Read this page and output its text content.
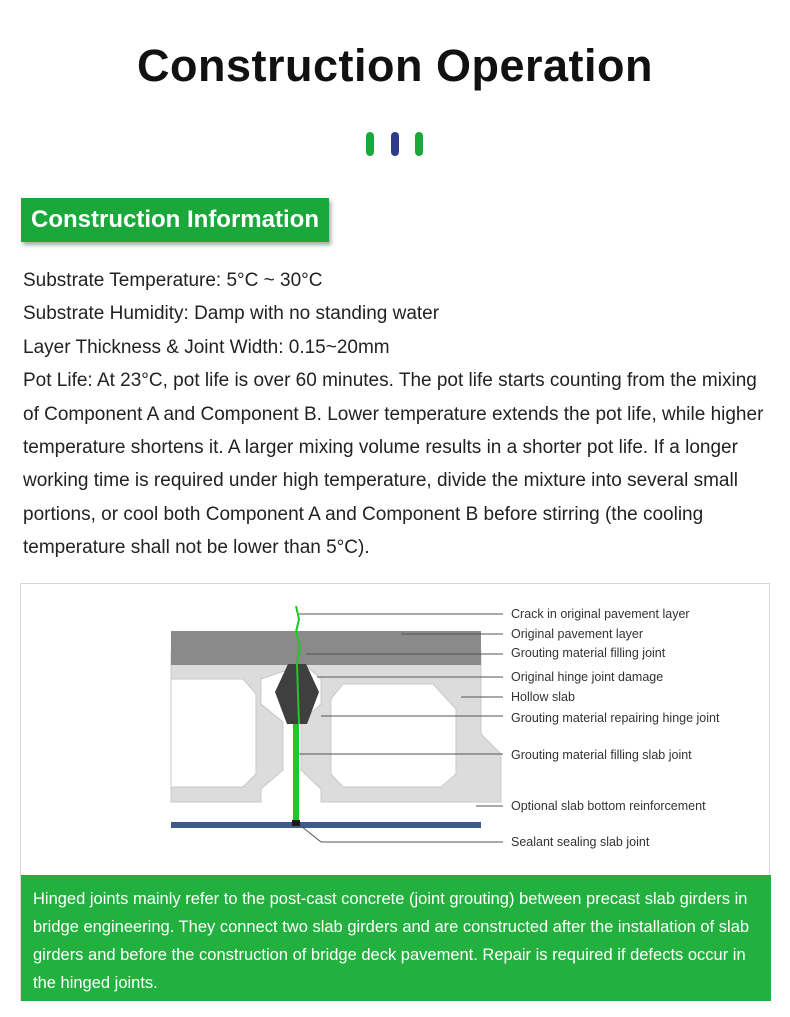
Construction Operation
Construction Information

Substrate Temperature: 5°C ~ 30°C

Substrate Humidity: Damp with no standing water

Layer Thickness & Joint Width: 0.15~20mm

Pot Life: At 23°C, pot life is over 60 minutes. The pot life starts counting from the mixing of Component A and Component B. Lower temperature extends the pot life, while higher temperature shortens it. A larger mixing volume results in a shorter pot life. If a longer working time is required under high temperature, divide the mixture into several small portions, or cool both Component A and Component B before stirring (the cooling temperature shall not be lower than 5°C).

Crack in original pavement layer
Original pavement layer
Grouting material filling joint
Original hinge joint damage
Hollow slab
Grouting material repairing hinge joint
Grouting material filling slab joint
Optional slab bottom reinforcement
Sealant sealing slab joint
Hinged joints mainly refer to the post-cast concrete (joint grouting) between precast slab girders in bridge engineering. They connect two slab girders and are constructed after the installation of slab girders and before the construction of bridge deck pavement. Repair is required if defects occur in the hinged joints.
